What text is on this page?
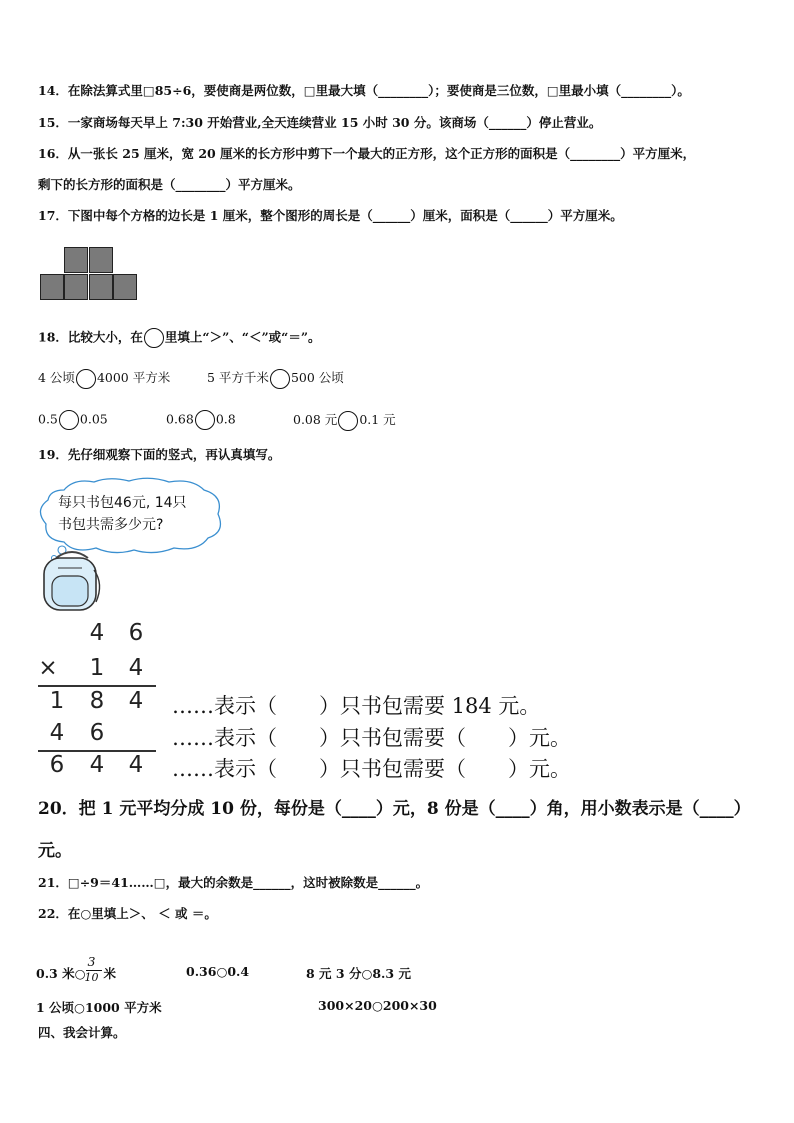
14．在除法算式里□85÷6，要使商是两位数，□里最大填（________）；要使商是三位数，□里最小填（________）。
15．一家商场每天早上 7:30 开始营业,全天连续营业 15 小时 30 分。该商场（______）停止营业。
16．从一张长 25 厘米，宽 20 厘米的长方形中剪下一个最大的正方形，这个正方形的面积是（________）平方厘米，
剩下的长方形的面积是（________）平方厘米。
17．下图中每个方格的边长是 1 厘米，整个图形的周长是（______）厘米，面积是（______）平方厘米。
18．比较大小，在 里填上“＞”、“＜”或“＝”。
4 公顷 4000 平方米	5 平方千米 500 公顷
0.5 0.05	0.68 0.8	0.08 元 0.1 元
19．先仔细观察下面的竖式，再认真填写。
每只书包46元, 14只
书包共需多少元?
4 6
× 1 4
1 8 4
4 6
6 4 4
……表示（　　）只书包需要 184 元。
……表示（　　）只书包需要（　　）元。
……表示（　　）只书包需要（　　）元。
20．把 1 元平均分成 10 份，每份是（____）元，8 份是（____）角，用小数表示是（____）
元。
21．□÷9＝41……□，最大的余数是______，这时被除数是______。
22．在○里填上＞、 ＜ 或 ＝。
0.3 米○
$\frac{3}{10}$
米	0.36○0.4	8 元 3 分○8.3 元
1 公顷○1000 平方米	300×20○200×30
四、我会计算。
